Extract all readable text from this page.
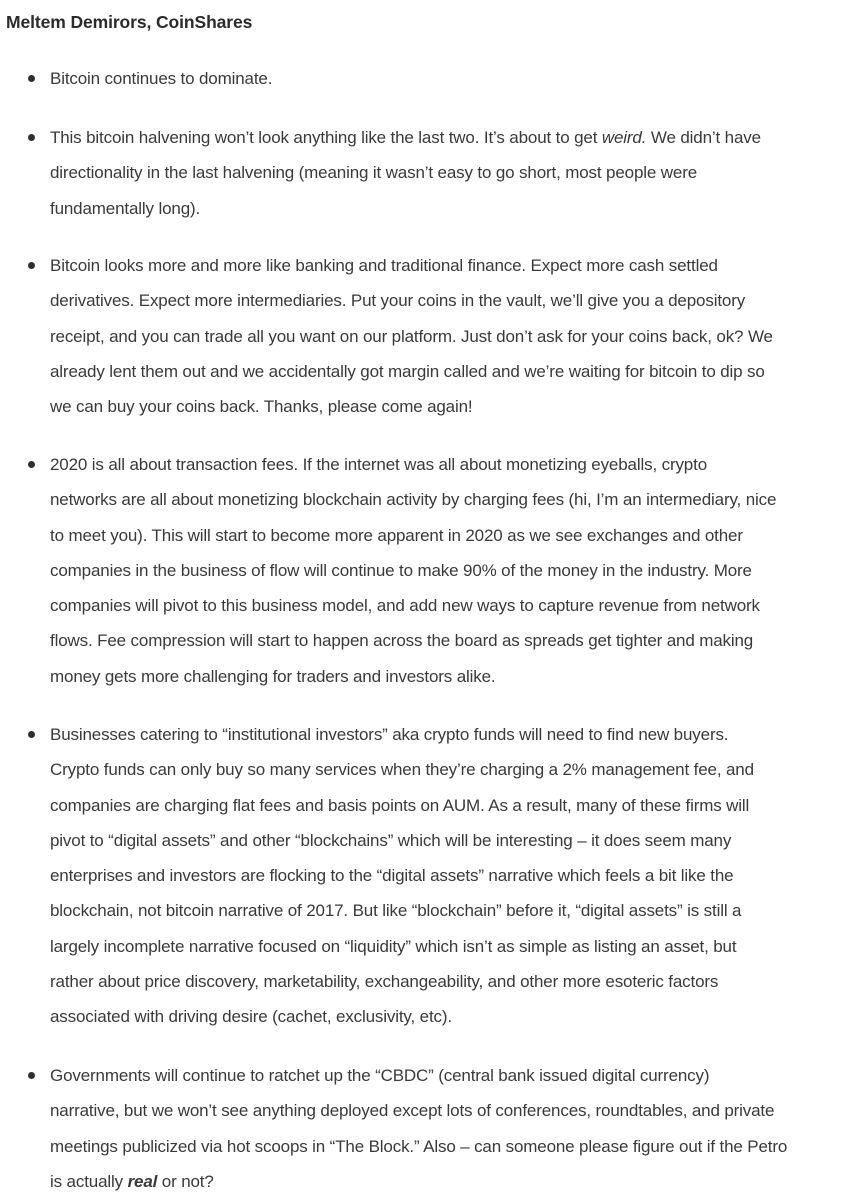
Meltem Demirors, CoinShares
Bitcoin continues to dominate.
This bitcoin halvening won’t look anything like the last two. It’s about to get weird. We didn’t have
directionality in the last halvening (meaning it wasn’t easy to go short, most people were
fundamentally long).
Bitcoin looks more and more like banking and traditional finance. Expect more cash settled
derivatives. Expect more intermediaries. Put your coins in the vault, we’ll give you a depository
receipt, and you can trade all you want on our platform. Just don’t ask for your coins back, ok? We
already lent them out and we accidentally got margin called and we’re waiting for bitcoin to dip so
we can buy your coins back. Thanks, please come again!
2020 is all about transaction fees. If the internet was all about monetizing eyeballs, crypto
networks are all about monetizing blockchain activity by charging fees (hi, I’m an intermediary, nice
to meet you). This will start to become more apparent in 2020 as we see exchanges and other
companies in the business of flow will continue to make 90% of the money in the industry. More
companies will pivot to this business model, and add new ways to capture revenue from network
flows. Fee compression will start to happen across the board as spreads get tighter and making
money gets more challenging for traders and investors alike.
Businesses catering to “institutional investors” aka crypto funds will need to find new buyers.
Crypto funds can only buy so many services when they’re charging a 2% management fee, and
companies are charging flat fees and basis points on AUM. As a result, many of these firms will
pivot to “digital assets” and other “blockchains” which will be interesting – it does seem many
enterprises and investors are flocking to the “digital assets” narrative which feels a bit like the
blockchain, not bitcoin narrative of 2017. But like “blockchain” before it, “digital assets” is still a
largely incomplete narrative focused on “liquidity” which isn’t as simple as listing an asset, but
rather about price discovery, marketability, exchangeability, and other more esoteric factors
associated with driving desire (cachet, exclusivity, etc).
Governments will continue to ratchet up the “CBDC” (central bank issued digital currency)
narrative, but we won’t see anything deployed except lots of conferences, roundtables, and private
meetings publicized via hot scoops in “The Block.” Also – can someone please figure out if the Petro
is actually real or not?
